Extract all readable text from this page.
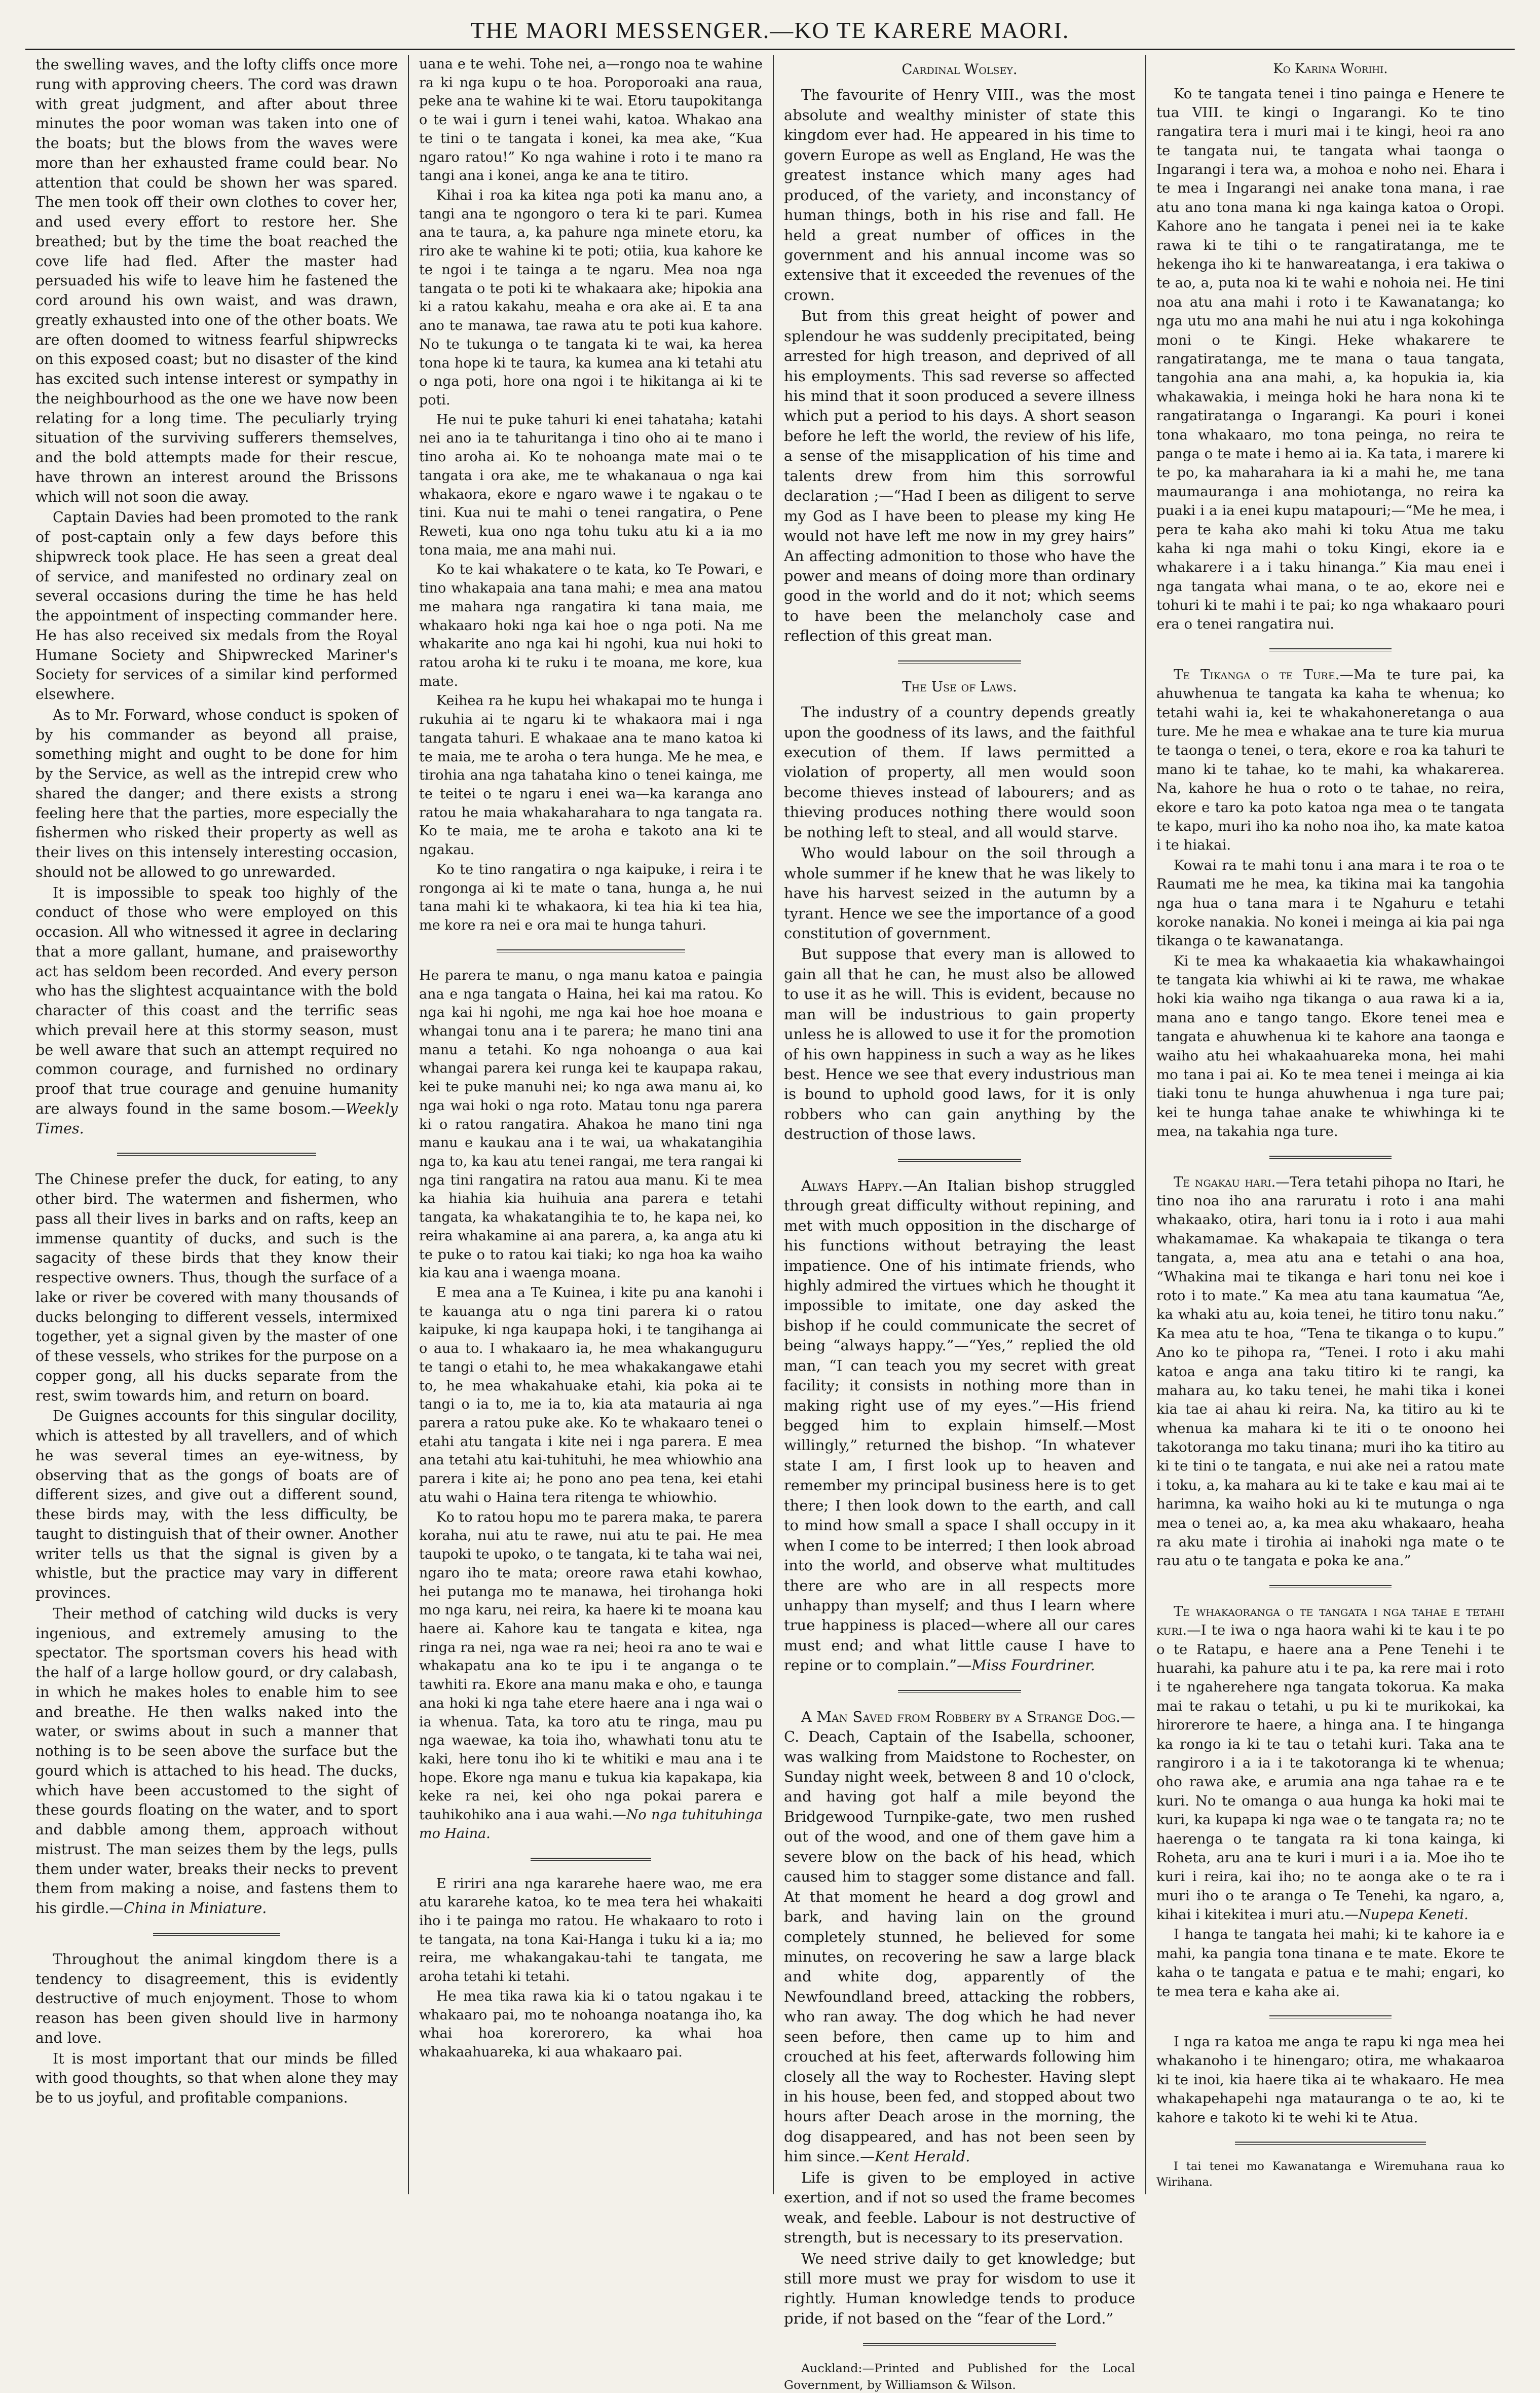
THE MAORI MESSENGER.—KO TE KARERE MAORI.

the swelling waves, and the lofty cliffs once more rung with approving cheers. The cord was drawn with great judgment, and after about three minutes the poor woman was taken into one of the boats; but the blows from the waves were more than her exhausted frame could bear. No attention that could be shown her was spared. The men took off their own clothes to cover her, and used every effort to restore her. She breathed; but by the time the boat reached the cove life had fled. After the master had persuaded his wife to leave him he fastened the cord around his own waist, and was drawn, greatly exhausted into one of the other boats. We are often doomed to witness fearful shipwrecks on this exposed coast; but no disaster of the kind has excited such intense interest or sympathy in the neighbourhood as the one we have now been relating for a long time. The peculiarly trying situation of the surviving sufferers themselves, and the bold attempts made for their rescue, have thrown an interest around the Brissons which will not soon die away.

Captain Davies had been promoted to the rank of post-captain only a few days before this shipwreck took place. He has seen a great deal of service, and manifested no ordinary zeal on several occasions during the time he has held the appointment of inspecting commander here. He has also received six medals from the Royal Humane Society and Shipwrecked Mariner's Society for services of a similar kind performed elsewhere.

As to Mr. Forward, whose conduct is spoken of by his commander as beyond all praise, something might and ought to be done for him by the Service, as well as the intrepid crew who shared the danger; and there exists a strong feeling here that the parties, more especially the fishermen who risked their property as well as their lives on this intensely interesting occasion, should not be allowed to go unrewarded.

It is impossible to speak too highly of the conduct of those who were employed on this occasion. All who witnessed it agree in declaring that a more gallant, humane, and praiseworthy act has seldom been recorded. And every person who has the slightest acquaintance with the bold character of this coast and the terrific seas which prevail here at this stormy season, must be well aware that such an attempt required no common courage, and furnished no ordinary proof that true courage and genuine humanity are always found in the same bosom.—Weekly Times.

The Chinese prefer the duck, for eating, to any other bird. The watermen and fishermen, who pass all their lives in barks and on rafts, keep an immense quantity of ducks, and such is the sagacity of these birds that they know their respective owners. Thus, though the surface of a lake or river be covered with many thousands of ducks belonging to different vessels, intermixed together, yet a signal given by the master of one of these vessels, who strikes for the purpose on a copper gong, all his ducks separate from the rest, swim towards him, and return on board.

De Guignes accounts for this singular docility, which is attested by all travellers, and of which he was several times an eye-witness, by observing that as the gongs of boats are of different sizes, and give out a different sound, these birds may, with the less difficulty, be taught to distinguish that of their owner. Another writer tells us that the signal is given by a whistle, but the practice may vary in different provinces.

Their method of catching wild ducks is very ingenious, and extremely amusing to the spectator. The sportsman covers his head with the half of a large hollow gourd, or dry calabash, in which he makes holes to enable him to see and breathe. He then walks naked into the water, or swims about in such a manner that nothing is to be seen above the surface but the gourd which is attached to his head. The ducks, which have been accustomed to the sight of these gourds floating on the water, and to sport and dabble among them, approach without mistrust. The man seizes them by the legs, pulls them under water, breaks their necks to prevent them from making a noise, and fastens them to his girdle.—China in Miniature.

Throughout the animal kingdom there is a tendency to disagreement, this is evidently destructive of much enjoyment. Those to whom reason has been given should live in harmony and love.

It is most important that our minds be filled with good thoughts, so that when alone they may be to us joyful, and profitable companions.

uana e te wehi. Tohe nei, a—rongo noa te wahine ra ki nga kupu o te hoa. Poroporoaki ana raua, peke ana te wahine ki te wai. Etoru taupokitanga o te wai i gurn i tenei wahi, katoa. Whakao ana te tini o te tangata i konei, ka mea ake, “Kua ngaro ratou!” Ko nga wahine i roto i te mano ra tangi ana i konei, anga ke ana te titiro.

Kihai i roa ka kitea nga poti ka manu ano, a tangi ana te ngongoro o tera ki te pari. Kumea ana te taura, a, ka pahure nga minete etoru, ka riro ake te wahine ki te poti; otiia, kua kahore ke te ngoi i te tainga a te ngaru. Mea noa nga tangata o te poti ki te whakaara ake; hipokia ana ki a ratou kakahu, meaha e ora ake ai. E ta ana ano te manawa, tae rawa atu te poti kua kahore. No te tukunga o te tangata ki te wai, ka herea tona hope ki te taura, ka kumea ana ki tetahi atu o nga poti, hore ona ngoi i te hikitanga ai ki te poti.

He nui te puke tahuri ki enei tahataha; katahi nei ano ia te tahuritanga i tino oho ai te mano i tino aroha ai. Ko te nohoanga mate mai o te tangata i ora ake, me te whakanaua o nga kai whakaora, ekore e ngaro wawe i te ngakau o te tini. Kua nui te mahi o tenei rangatira, o Pene Reweti, kua ono nga tohu tuku atu ki a ia mo tona maia, me ana mahi nui.

Ko te kai whakatere o te kata, ko Te Powari, e tino whakapaia ana tana mahi; e mea ana matou me mahara nga rangatira ki tana maia, me whakaaro hoki nga kai hoe o nga poti. Na me whakarite ano nga kai hi ngohi, kua nui hoki to ratou aroha ki te ruku i te moana, me kore, kua mate.

Keihea ra he kupu hei whakapai mo te hunga i rukuhia ai te ngaru ki te whakaora mai i nga tangata tahuri. E whakaae ana te mano katoa ki te maia, me te aroha o tera hunga. Me he mea, e tirohia ana nga tahataha kino o tenei kainga, me te teitei o te ngaru i enei wa—ka karanga ano ratou he maia whakaharahara to nga tangata ra. Ko te maia, me te aroha e takoto ana ki te ngakau.

Ko te tino rangatira o nga kaipuke, i reira i te rongonga ai ki te mate o tana, hunga a, he nui tana mahi ki te whakaora, ki tea hia ki tea hia, me kore ra nei e ora mai te hunga tahuri.

He parera te manu, o nga manu katoa e paingia ana e nga tangata o Haina, hei kai ma ratou. Ko nga kai hi ngohi, me nga kai hoe hoe moana e whangai tonu ana i te parera; he mano tini ana manu a tetahi. Ko nga nohoanga o aua kai whangai parera kei runga kei te kaupapa rakau, kei te puke manuhi nei; ko nga awa manu ai, ko nga wai hoki o nga roto. Matau tonu nga parera ki o ratou rangatira. Ahakoa he mano tini nga manu e kaukau ana i te wai, ua whakatangihia nga to, ka kau atu tenei rangai, me tera rangai ki nga tini rangatira na ratou aua manu. Ki te mea ka hiahia kia huihuia ana parera e tetahi tangata, ka whakatangihia te to, he kapa nei, ko reira whakamine ai ana parera, a, ka anga atu ki te puke o to ratou kai tiaki; ko nga hoa ka waiho kia kau ana i waenga moana.

E mea ana a Te Kuinea, i kite pu ana kanohi i te kauanga atu o nga tini parera ki o ratou kaipuke, ki nga kaupapa hoki, i te tangihanga ai o aua to. I whakaaro ia, he mea whakanguguru te tangi o etahi to, he mea whakakangawe etahi to, he mea whakahuake etahi, kia poka ai te tangi o ia to, me ia to, kia ata matauria ai nga parera a ratou puke ake. Ko te whakaaro tenei o etahi atu tangata i kite nei i nga parera. E mea ana tetahi atu kai-tuhituhi, he mea whiowhio ana parera i kite ai; he pono ano pea tena, kei etahi atu wahi o Haina tera ritenga te whiowhio.

Ko to ratou hopu mo te parera maka, te parera koraha, nui atu te rawe, nui atu te pai. He mea taupoki te upoko, o te tangata, ki te taha wai nei, ngaro iho te mata; oreore rawa etahi kowhao, hei putanga mo te manawa, hei tirohanga hoki mo nga karu, nei reira, ka haere ki te moana kau haere ai. Kahore kau te tangata e kitea, nga ringa ra nei, nga wae ra nei; heoi ra ano te wai e whakapatu ana ko te ipu i te anganga o te tawhiti ra. Ekore ana manu maka e oho, e taunga ana hoki ki nga tahe etere haere ana i nga wai o ia whenua. Tata, ka toro atu te ringa, mau pu nga waewae, ka toia iho, whawhati tonu atu te kaki, here tonu iho ki te whitiki e mau ana i te hope. Ekore nga manu e tukua kia kapakapa, kia keke ra nei, kei oho nga pokai parera e tauhikohiko ana i aua wahi.—No nga tuhituhinga mo Haina.

E ririri ana nga kararehe haere wao, me era atu kararehe katoa, ko te mea tera hei whakaiti iho i te painga mo ratou. He whakaaro to roto i te tangata, na tona Kai-Hanga i tuku ki a ia; mo reira, me whakangakau-tahi te tangata, me aroha tetahi ki tetahi.

He mea tika rawa kia ki o tatou ngakau i te whakaaro pai, mo te nohoanga noatanga iho, ka whai hoa korerorero, ka whai hoa whakaahuareka, ki aua whakaaro pai.

Cardinal Wolsey.

The favourite of Henry VIII., was the most absolute and wealthy minister of state this kingdom ever had. He appeared in his time to govern Europe as well as England, He was the greatest instance which many ages had produced, of the variety, and inconstancy of human things, both in his rise and fall. He held a great number of offices in the government and his annual income was so extensive that it exceeded the revenues of the crown.

But from this great height of power and splendour he was suddenly precipitated, being arrested for high treason, and deprived of all his employments. This sad reverse so affected his mind that it soon produced a severe illness which put a period to his days. A short season before he left the world, the review of his life, a sense of the misapplication of his time and talents drew from him this sorrowful declaration ;—“Had I been as diligent to serve my God as I have been to please my king He would not have left me now in my grey hairs” An affecting admonition to those who have the power and means of doing more than ordinary good in the world and do it not; which seems to have been the melancholy case and reflection of this great man.

The Use of Laws.

The industry of a country depends greatly upon the goodness of its laws, and the faithful execution of them. If laws permitted a violation of property, all men would soon become thieves instead of labourers; and as thieving produces nothing there would soon be nothing left to steal, and all would starve.

Who would labour on the soil through a whole summer if he knew that he was likely to have his harvest seized in the autumn by a tyrant. Hence we see the importance of a good constitution of government.

But suppose that every man is allowed to gain all that he can, he must also be allowed to use it as he will. This is evident, because no man will be industrious to gain property unless he is allowed to use it for the promotion of his own happiness in such a way as he likes best. Hence we see that every industrious man is bound to uphold good laws, for it is only robbers who can gain anything by the destruction of those laws.

Always Happy.—An Italian bishop struggled through great difficulty without repining, and met with much opposition in the discharge of his functions without betraying the least impatience. One of his intimate friends, who highly admired the virtues which he thought it impossible to imitate, one day asked the bishop if he could communicate the secret of being “always happy.”—“Yes,” replied the old man, “I can teach you my secret with great facility; it consists in nothing more than in making right use of my eyes.”—His friend begged him to explain himself.—Most willingly,” returned the bishop. “In whatever state I am, I first look up to heaven and remember my principal business here is to get there; I then look down to the earth, and call to mind how small a space I shall occupy in it when I come to be interred; I then look abroad into the world, and observe what multitudes there are who are in all respects more unhappy than myself; and thus I learn where true happiness is placed—where all our cares must end; and what little cause I have to repine or to complain.”—Miss Fourdriner.

A Man Saved from Robbery by a Strange Dog.—C. Deach, Captain of the Isabella, schooner, was walking from Maidstone to Rochester, on Sunday night week, between 8 and 10 o'clock, and having got half a mile beyond the Bridgewood Turnpike-gate, two men rushed out of the wood, and one of them gave him a severe blow on the back of his head, which caused him to stagger some distance and fall. At that moment he heard a dog growl and bark, and having lain on the ground completely stunned, he believed for some minutes, on recovering he saw a large black and white dog, apparently of the Newfoundland breed, attacking the robbers, who ran away. The dog which he had never seen before, then came up to him and crouched at his feet, afterwards following him closely all the way to Rochester. Having slept in his house, been fed, and stopped about two hours after Deach arose in the morning, the dog disappeared, and has not been seen by him since.—Kent Herald.

Life is given to be employed in active exertion, and if not so used the frame becomes weak, and feeble. Labour is not destructive of strength, but is necessary to its preservation.

We need strive daily to get knowledge; but still more must we pray for wisdom to use it rightly. Human knowledge tends to produce pride, if not based on the “fear of the Lord.”

Auckland:—Printed and Published for the Local Government, by Williamson & Wilson.

Ko Karina Worihi.

Ko te tangata tenei i tino painga e Henere te tua VIII. te kingi o Ingarangi. Ko te tino rangatira tera i muri mai i te kingi, heoi ra ano te tangata nui, te tangata whai taonga o Ingarangi i tera wa, a mohoa e noho nei. Ehara i te mea i Ingarangi nei anake tona mana, i rae atu ano tona mana ki nga kainga katoa o Oropi. Kahore ano he tangata i penei nei ia te kake rawa ki te tihi o te rangatiratanga, me te hekenga iho ki te hanwareatanga, i era takiwa o te ao, a, puta noa ki te wahi e nohoia nei. He tini noa atu ana mahi i roto i te Kawanatanga; ko nga utu mo ana mahi he nui atu i nga kokohinga moni o te Kingi. Heke whakarere te rangatiratanga, me te mana o taua tangata, tangohia ana ana mahi, a, ka hopukia ia, kia whakawakia, i meinga hoki he hara nona ki te rangatiratanga o Ingarangi. Ka pouri i konei tona whakaaro, mo tona peinga, no reira te panga o te mate i hemo ai ia. Ka tata, i marere ki te po, ka maharahara ia ki a mahi he, me tana maumauranga i ana mohiotanga, no reira ka puaki i a ia enei kupu matapouri;—“Me he mea, i pera te kaha ako mahi ki toku Atua me taku kaha ki nga mahi o toku Kingi, ekore ia e whakarere i a i taku hinanga.” Kia mau enei i nga tangata whai mana, o te ao, ekore nei e tohuri ki te mahi i te pai; ko nga whakaaro pouri era o tenei rangatira nui.

Te Tikanga o te Ture.—Ma te ture pai, ka ahuwhenua te tangata ka kaha te whenua; ko tetahi wahi ia, kei te whakahoneretanga o aua ture. Me he mea e whakae ana te ture kia murua te taonga o tenei, o tera, ekore e roa ka tahuri te mano ki te tahae, ko te mahi, ka whakarerea. Na, kahore he hua o roto o te tahae, no reira, ekore e taro ka poto katoa nga mea o te tangata te kapo, muri iho ka noho noa iho, ka mate katoa i te hiakai.

Kowai ra te mahi tonu i ana mara i te roa o te Raumati me he mea, ka tikina mai ka tangohia nga hua o tana mara i te Ngahuru e tetahi koroke nanakia. No konei i meinga ai kia pai nga tikanga o te kawanatanga.

Ki te mea ka whakaaetia kia whakawhaingoi te tangata kia whiwhi ai ki te rawa, me whakae hoki kia waiho nga tikanga o aua rawa ki a ia, mana ano e tango tango. Ekore tenei mea e tangata e ahuwhenua ki te kahore ana taonga e waiho atu hei whakaahuareka mona, hei mahi mo tana i pai ai. Ko te mea tenei i meinga ai kia tiaki tonu te hunga ahuwhenua i nga ture pai; kei te hunga tahae anake te whiwhinga ki te mea, na takahia nga ture.

Te ngakau hari.—Tera tetahi pihopa no Itari, he tino noa iho ana raruratu i roto i ana mahi whakaako, otira, hari tonu ia i roto i aua mahi whakamamae. Ka whakapaia te tikanga o tera tangata, a, mea atu ana e tetahi o ana hoa, “Whakina mai te tikanga e hari tonu nei koe i roto i to mate.” Ka mea atu tana kaumatua “Ae, ka whaki atu au, koia tenei, he titiro tonu naku.” Ka mea atu te hoa, “Tena te tikanga o to kupu.” Ano ko te pihopa ra, “Tenei. I roto i aku mahi katoa e anga ana taku titiro ki te rangi, ka mahara au, ko taku tenei, he mahi tika i konei kia tae ai ahau ki reira. Na, ka titiro au ki te whenua ka mahara ki te iti o te onoono hei takotoranga mo taku tinana; muri iho ka titiro au ki te tini o te tangata, e nui ake nei a ratou mate i toku, a, ka mahara au ki te take e kau mai ai te harimna, ka waiho hoki au ki te mutunga o nga mea o tenei ao, a, ka mea aku whakaaro, heaha ra aku mate i tirohia ai inahoki nga mate o te rau atu o te tangata e poka ke ana.”

Te whakaoranga o te tangata i nga tahae e tetahi kuri.—I te iwa o nga haora wahi ki te kau i te po o te Ratapu, e haere ana a Pene Tenehi i te huarahi, ka pahure atu i te pa, ka rere mai i roto i te ngaherehere nga tangata tokorua. Ka maka mai te rakau o tetahi, u pu ki te murikokai, ka hirorerore te haere, a hinga ana. I te hinganga ka rongo ia ki te tau o tetahi kuri. Taka ana te rangiroro i a ia i te takotoranga ki te whenua; oho rawa ake, e arumia ana nga tahae ra e te kuri. No te omanga o aua hunga ka hoki mai te kuri, ka kupapa ki nga wae o te tangata ra; no te haerenga o te tangata ra ki tona kainga, ki Roheta, aru ana te kuri i muri i a ia. Moe iho te kuri i reira, kai iho; no te aonga ake o te ra i muri iho o te aranga o Te Tenehi, ka ngaro, a, kihai i kitekitea i muri atu.—Nupepa Keneti.

I hanga te tangata hei mahi; ki te kahore ia e mahi, ka pangia tona tinana e te mate. Ekore te kaha o te tangata e patua e te mahi; engari, ko te mea tera e kaha ake ai.

I nga ra katoa me anga te rapu ki nga mea hei whakanoho i te hinengaro; otira, me whakaaroa ki te inoi, kia haere tika ai te whakaaro. He mea whakapehapehi nga matauranga o te ao, ki te kahore e takoto ki te wehi ki te Atua.

I tai tenei mo Kawanatanga e Wiremuhana raua ko Wirihana.
